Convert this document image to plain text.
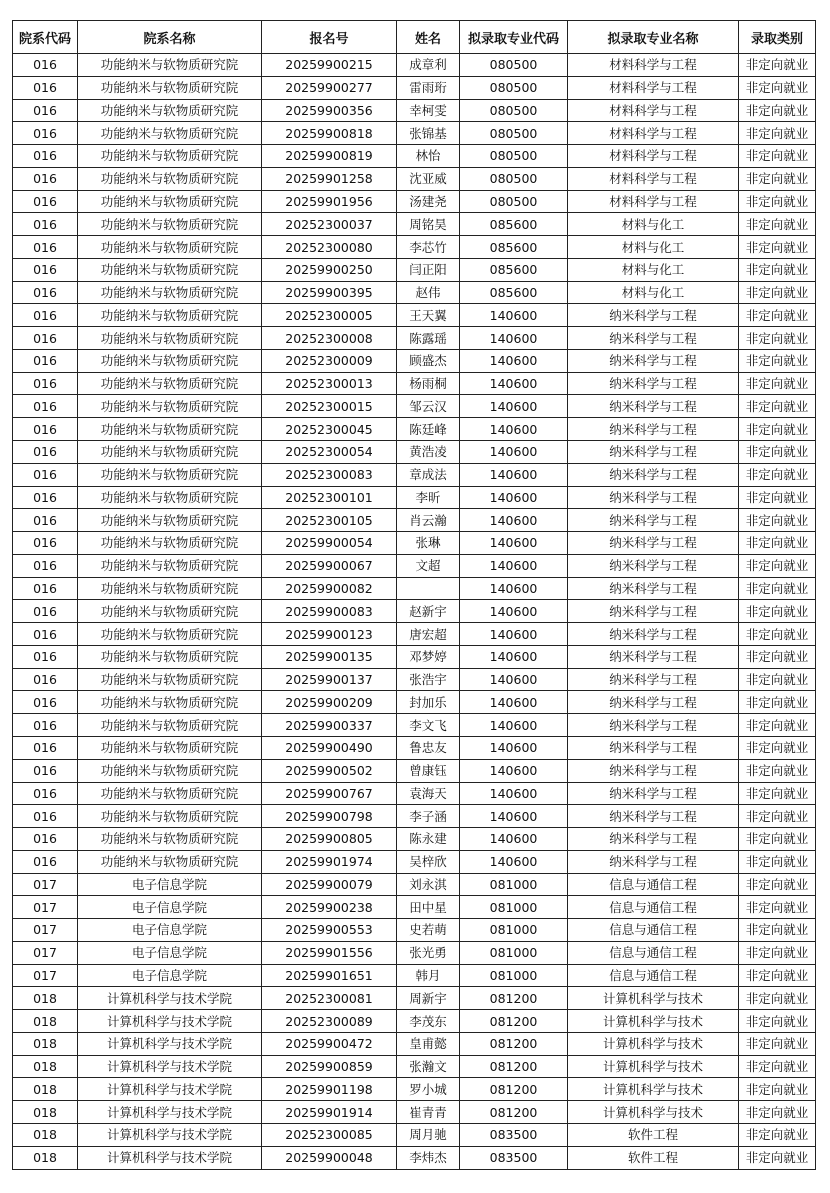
院系代码	院系名称	报名号	姓名	拟录取专业代码	拟录取专业名称	录取类别
016	功能纳米与软物质研究院	20259900215	成章利	080500	材料科学与工程	非定向就业
016	功能纳米与软物质研究院	20259900277	雷雨珩	080500	材料科学与工程	非定向就业
016	功能纳米与软物质研究院	20259900356	幸柯雯	080500	材料科学与工程	非定向就业
016	功能纳米与软物质研究院	20259900818	张锦基	080500	材料科学与工程	非定向就业
016	功能纳米与软物质研究院	20259900819	林怡	080500	材料科学与工程	非定向就业
016	功能纳米与软物质研究院	20259901258	沈亚威	080500	材料科学与工程	非定向就业
016	功能纳米与软物质研究院	20259901956	汤建尧	080500	材料科学与工程	非定向就业
016	功能纳米与软物质研究院	20252300037	周铭昊	085600	材料与化工	非定向就业
016	功能纳米与软物质研究院	20252300080	李芯竹	085600	材料与化工	非定向就业
016	功能纳米与软物质研究院	20259900250	闫正阳	085600	材料与化工	非定向就业
016	功能纳米与软物质研究院	20259900395	赵伟	085600	材料与化工	非定向就业
016	功能纳米与软物质研究院	20252300005	王天翼	140600	纳米科学与工程	非定向就业
016	功能纳米与软物质研究院	20252300008	陈露瑶	140600	纳米科学与工程	非定向就业
016	功能纳米与软物质研究院	20252300009	顾盛杰	140600	纳米科学与工程	非定向就业
016	功能纳米与软物质研究院	20252300013	杨雨桐	140600	纳米科学与工程	非定向就业
016	功能纳米与软物质研究院	20252300015	邹云汉	140600	纳米科学与工程	非定向就业
016	功能纳米与软物质研究院	20252300045	陈廷峰	140600	纳米科学与工程	非定向就业
016	功能纳米与软物质研究院	20252300054	黄浩凌	140600	纳米科学与工程	非定向就业
016	功能纳米与软物质研究院	20252300083	章成法	140600	纳米科学与工程	非定向就业
016	功能纳米与软物质研究院	20252300101	李昕	140600	纳米科学与工程	非定向就业
016	功能纳米与软物质研究院	20252300105	肖云瀚	140600	纳米科学与工程	非定向就业
016	功能纳米与软物质研究院	20259900054	张琳	140600	纳米科学与工程	非定向就业
016	功能纳米与软物质研究院	20259900067	文超	140600	纳米科学与工程	非定向就业
016	功能纳米与软物质研究院	20259900082		140600	纳米科学与工程	非定向就业
016	功能纳米与软物质研究院	20259900083	赵新宇	140600	纳米科学与工程	非定向就业
016	功能纳米与软物质研究院	20259900123	唐宏超	140600	纳米科学与工程	非定向就业
016	功能纳米与软物质研究院	20259900135	邓梦婷	140600	纳米科学与工程	非定向就业
016	功能纳米与软物质研究院	20259900137	张浩宇	140600	纳米科学与工程	非定向就业
016	功能纳米与软物质研究院	20259900209	封加乐	140600	纳米科学与工程	非定向就业
016	功能纳米与软物质研究院	20259900337	李文飞	140600	纳米科学与工程	非定向就业
016	功能纳米与软物质研究院	20259900490	鲁忠友	140600	纳米科学与工程	非定向就业
016	功能纳米与软物质研究院	20259900502	曾康钰	140600	纳米科学与工程	非定向就业
016	功能纳米与软物质研究院	20259900767	袁海天	140600	纳米科学与工程	非定向就业
016	功能纳米与软物质研究院	20259900798	李子涵	140600	纳米科学与工程	非定向就业
016	功能纳米与软物质研究院	20259900805	陈永建	140600	纳米科学与工程	非定向就业
016	功能纳米与软物质研究院	20259901974	吴梓欣	140600	纳米科学与工程	非定向就业
017	电子信息学院	20259900079	刘永淇	081000	信息与通信工程	非定向就业
017	电子信息学院	20259900238	田中星	081000	信息与通信工程	非定向就业
017	电子信息学院	20259900553	史若萌	081000	信息与通信工程	非定向就业
017	电子信息学院	20259901556	张光勇	081000	信息与通信工程	非定向就业
017	电子信息学院	20259901651	韩月	081000	信息与通信工程	非定向就业
018	计算机科学与技术学院	20252300081	周新宇	081200	计算机科学与技术	非定向就业
018	计算机科学与技术学院	20252300089	李茂东	081200	计算机科学与技术	非定向就业
018	计算机科学与技术学院	20259900472	皇甫懿	081200	计算机科学与技术	非定向就业
018	计算机科学与技术学院	20259900859	张瀚文	081200	计算机科学与技术	非定向就业
018	计算机科学与技术学院	20259901198	罗小城	081200	计算机科学与技术	非定向就业
018	计算机科学与技术学院	20259901914	崔青青	081200	计算机科学与技术	非定向就业
018	计算机科学与技术学院	20252300085	周月驰	083500	软件工程	非定向就业
018	计算机科学与技术学院	20259900048	李炜杰	083500	软件工程	非定向就业
